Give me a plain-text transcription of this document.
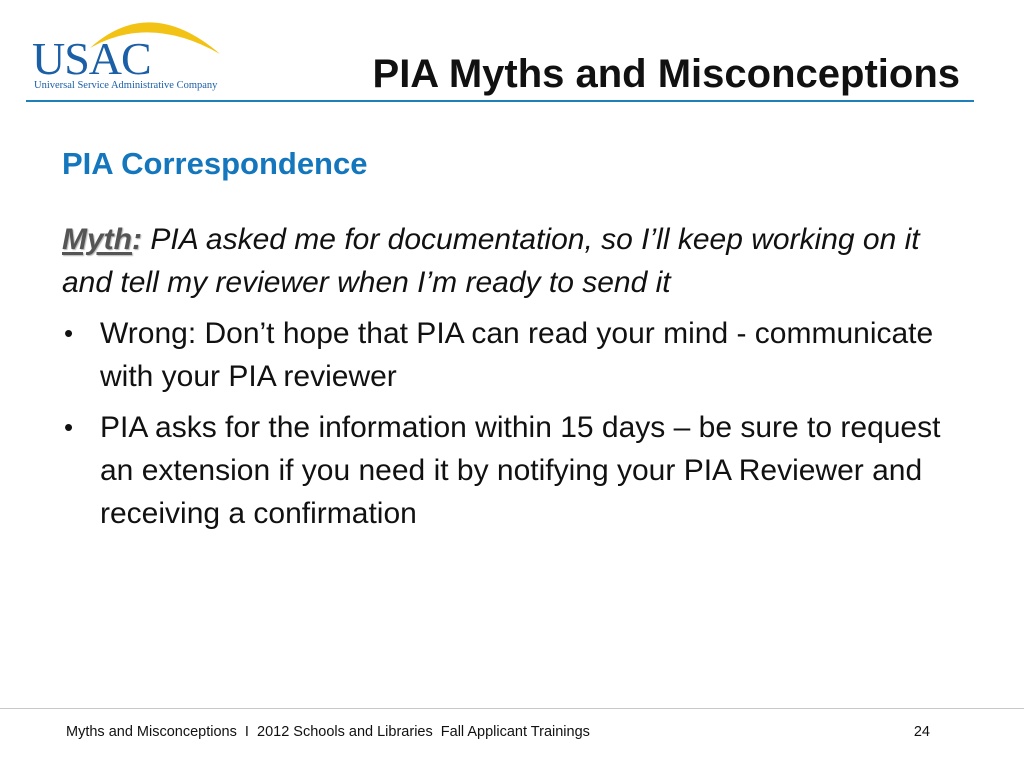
USAC
Universal Service Administrative Company	PIA Myths and Misconceptions
PIA Correspondence
Myth: PIA asked me for documentation, so I’ll keep working on it and tell my reviewer when I’m ready to send it
• Wrong: Don’t hope that PIA can read your mind - communicate with your PIA reviewer
• PIA asks for the information within 15 days – be sure to request an extension if you need it by notifying your PIA Reviewer and receiving a confirmation
Myths and Misconceptions  I  2012 Schools and Libraries  Fall Applicant Trainings	24
